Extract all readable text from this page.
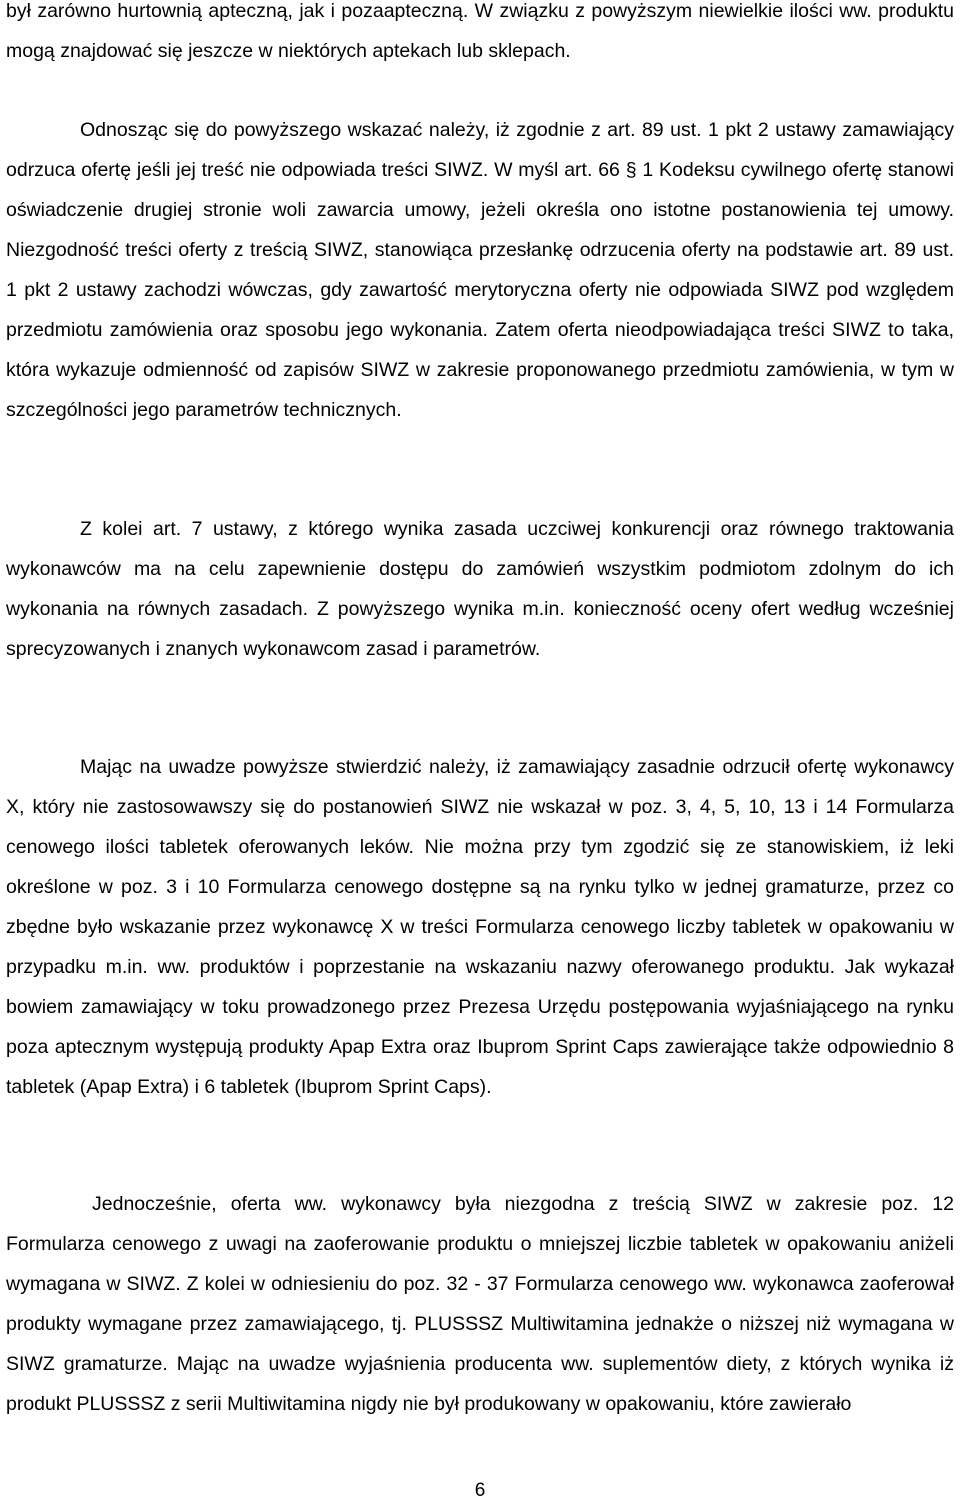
był zarówno hurtownią apteczną, jak i pozaapteczną. W związku z powyższym niewielkie ilości ww. produktu mogą znajdować się jeszcze w niektórych aptekach lub sklepach.

Odnosząc się do powyższego wskazać należy, iż zgodnie z art. 89 ust. 1 pkt 2 ustawy zamawiający odrzuca ofertę jeśli jej treść nie odpowiada treści SIWZ. W myśl art. 66 § 1 Kodeksu cywilnego ofertę stanowi oświadczenie drugiej stronie woli zawarcia umowy, jeżeli określa ono istotne postanowienia tej umowy. Niezgodność treści oferty z treścią SIWZ, stanowiąca przesłankę odrzucenia oferty na podstawie art. 89 ust. 1 pkt 2 ustawy zachodzi wówczas, gdy zawartość merytoryczna oferty nie odpowiada SIWZ pod względem przedmiotu zamówienia oraz sposobu jego wykonania. Zatem oferta nieodpowiadająca treści SIWZ to taka, która wykazuje odmienność od zapisów SIWZ w zakresie proponowanego przedmiotu zamówienia, w tym w szczególności jego parametrów technicznych.

Z kolei art. 7 ustawy, z którego wynika zasada uczciwej konkurencji oraz równego traktowania wykonawców ma na celu zapewnienie dostępu do zamówień wszystkim podmiotom zdolnym do ich wykonania na równych zasadach. Z powyższego wynika m.in. konieczność oceny ofert według wcześniej sprecyzowanych i znanych wykonawcom zasad i parametrów.

Mając na uwadze powyższe stwierdzić należy, iż zamawiający zasadnie odrzucił ofertę wykonawcy X, który nie zastosowawszy się do postanowień SIWZ nie wskazał w poz. 3, 4, 5, 10, 13 i 14 Formularza cenowego ilości tabletek oferowanych leków. Nie można przy tym zgodzić się ze stanowiskiem, iż leki określone w poz. 3 i 10 Formularza cenowego dostępne są na rynku tylko w jednej gramaturze, przez co zbędne było wskazanie przez wykonawcę X w treści Formularza cenowego liczby tabletek w opakowaniu w przypadku m.in. ww. produktów i poprzestanie na wskazaniu nazwy oferowanego produktu. Jak wykazał bowiem zamawiający w toku prowadzonego przez Prezesa Urzędu postępowania wyjaśniającego na rynku poza aptecznym występują produkty Apap Extra oraz Ibuprom Sprint Caps zawierające także odpowiednio 8 tabletek (Apap Extra) i 6 tabletek (Ibuprom Sprint Caps).

Jednocześnie, oferta ww. wykonawcy była niezgodna z treścią SIWZ w zakresie poz. 12 Formularza cenowego z uwagi na zaoferowanie produktu o mniejszej liczbie tabletek w opakowaniu aniżeli wymagana w SIWZ. Z kolei w odniesieniu do poz. 32 - 37 Formularza cenowego ww. wykonawca zaoferował produkty wymagane przez zamawiającego, tj. PLUSSSZ Multiwitamina jednakże o niższej niż wymagana w SIWZ gramaturze. Mając na uwadze wyjaśnienia producenta ww. suplementów diety, z których wynika iż produkt PLUSSSZ z serii Multiwitamina nigdy nie był produkowany w opakowaniu, które zawierało

6
